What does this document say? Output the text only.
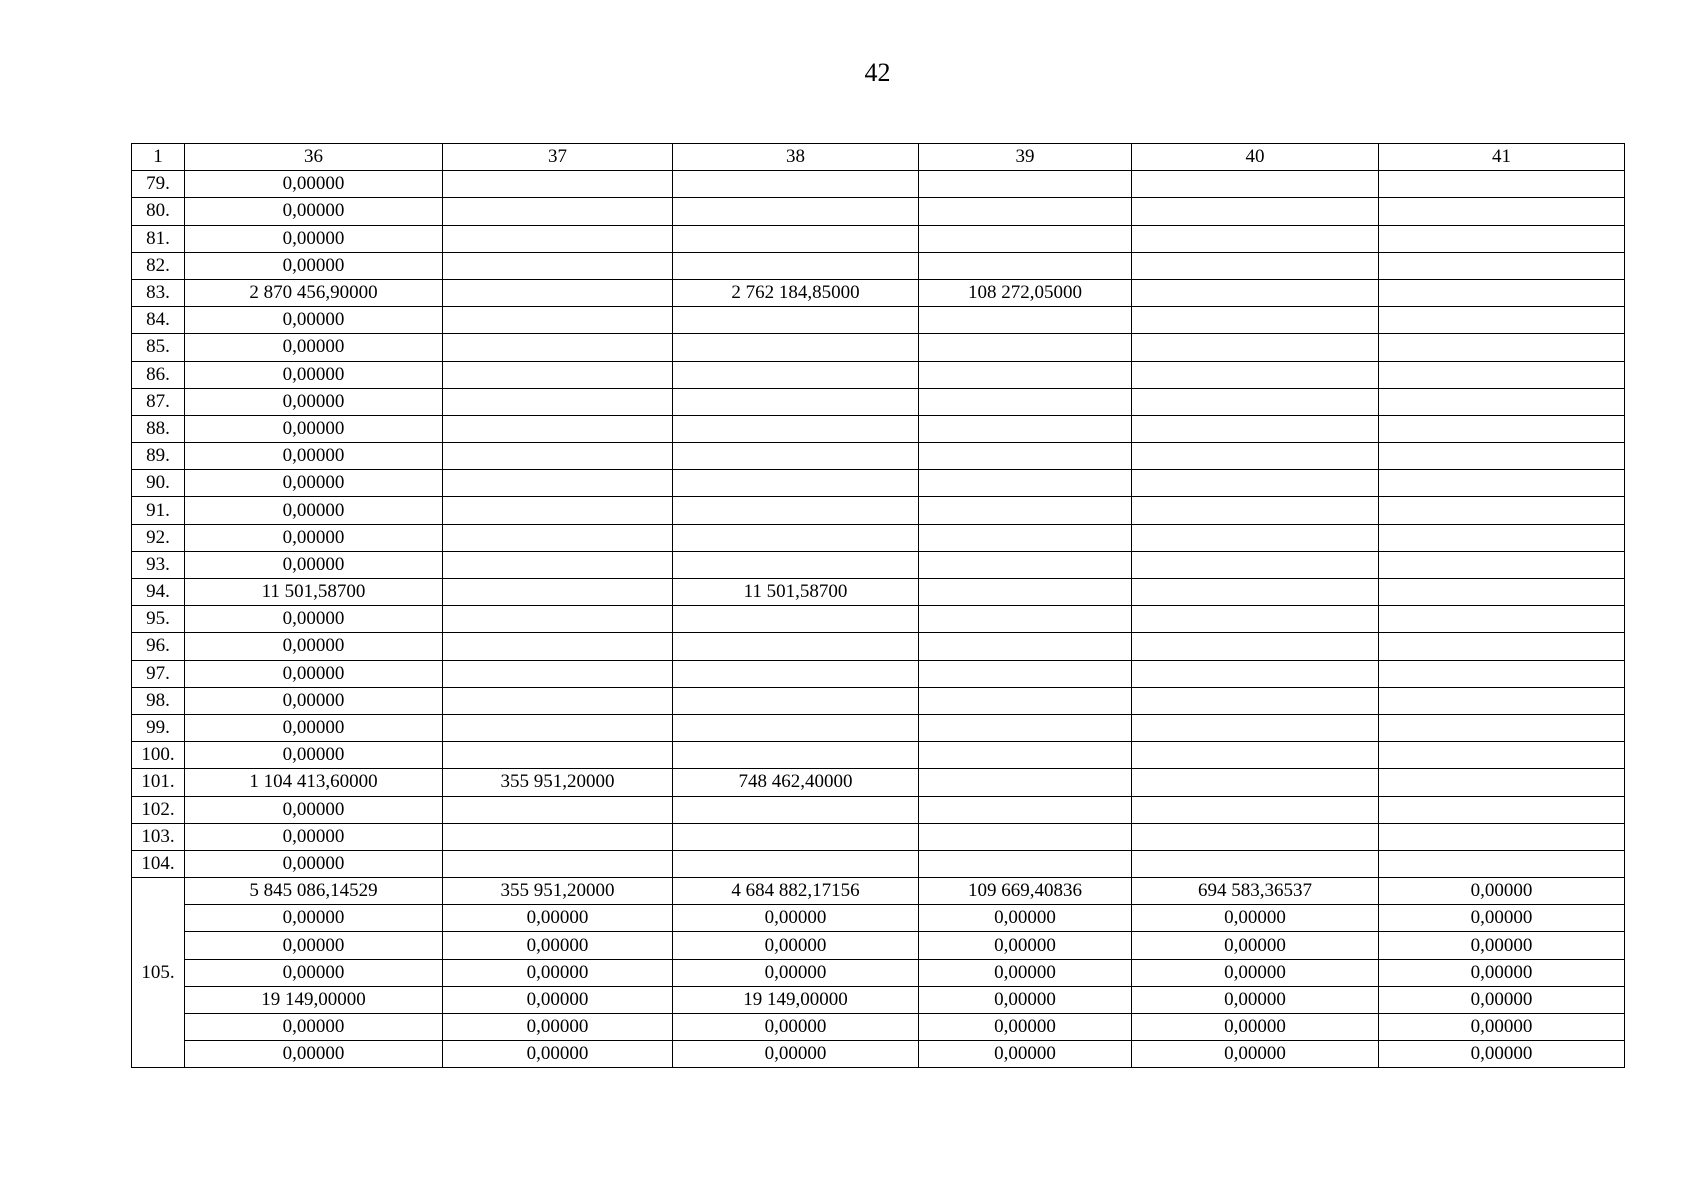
42
1	36	37	38	39	40	41
79.	0,00000					
80.	0,00000					
81.	0,00000					
82.	0,00000					
83.	2 870 456,90000		2 762 184,85000	108 272,05000		
84.	0,00000					
85.	0,00000					
86.	0,00000					
87.	0,00000					
88.	0,00000					
89.	0,00000					
90.	0,00000					
91.	0,00000					
92.	0,00000					
93.	0,00000					
94.	11 501,58700		11 501,58700			
95.	0,00000					
96.	0,00000					
97.	0,00000					
98.	0,00000					
99.	0,00000					
100.	0,00000					
101.	1 104 413,60000	355 951,20000	748 462,40000			
102.	0,00000					
103.	0,00000					
104.	0,00000					
105.	5 845 086,14529	355 951,20000	4 684 882,17156	109 669,40836	694 583,36537	0,00000
	0,00000	0,00000	0,00000	0,00000	0,00000	0,00000
	0,00000	0,00000	0,00000	0,00000	0,00000	0,00000
	0,00000	0,00000	0,00000	0,00000	0,00000	0,00000
	19 149,00000	0,00000	19 149,00000	0,00000	0,00000	0,00000
	0,00000	0,00000	0,00000	0,00000	0,00000	0,00000
	0,00000	0,00000	0,00000	0,00000	0,00000	0,00000
